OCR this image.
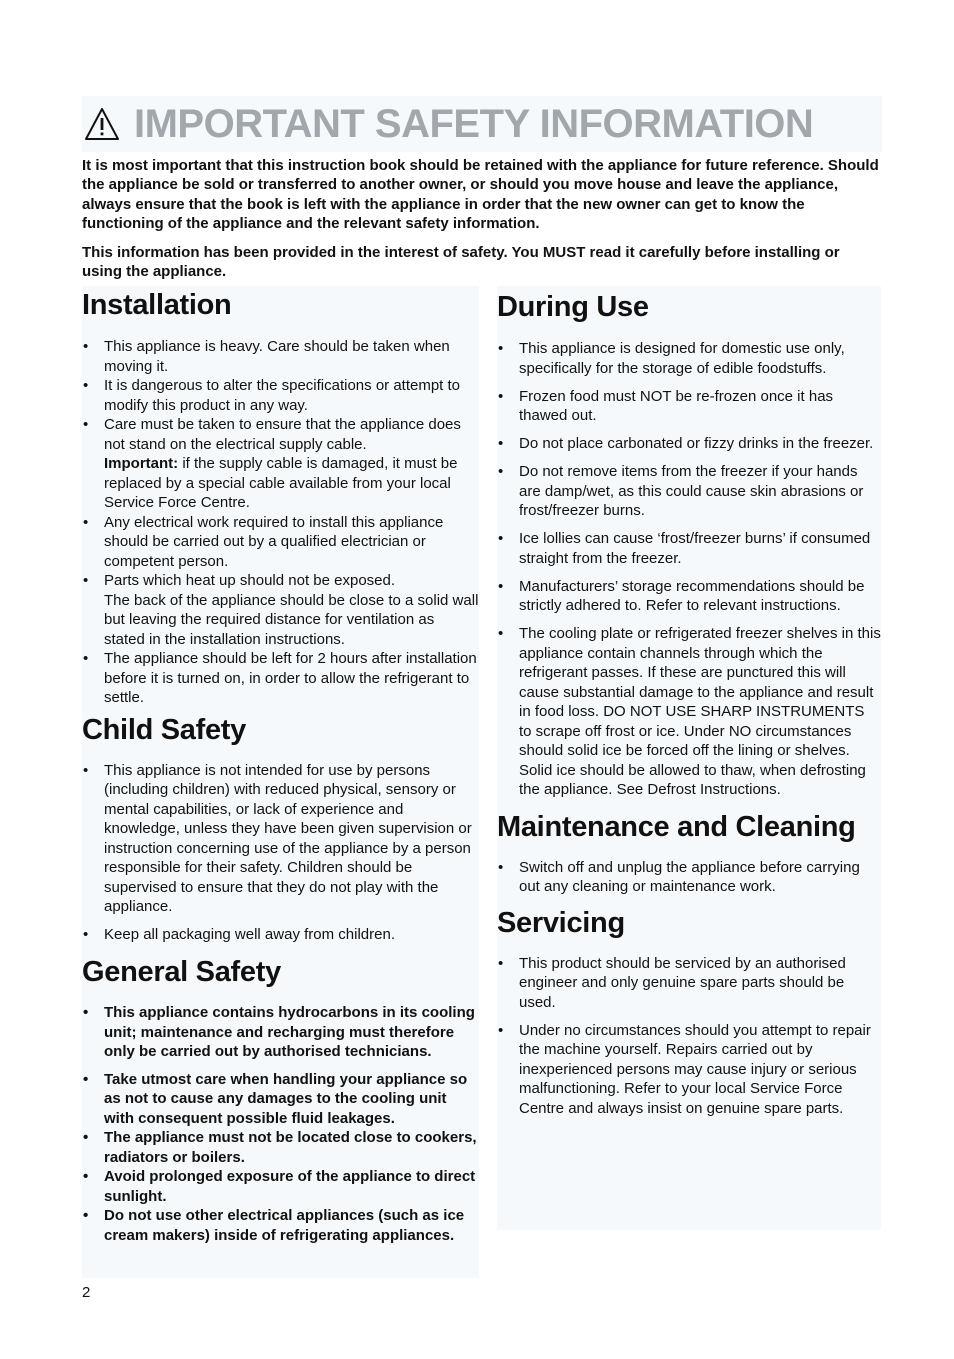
IMPORTANT SAFETY INFORMATION

It is most important that this instruction book should be retained with the appliance for future reference. Should the appliance be sold or transferred to another owner, or should you move house and leave the appliance, always ensure that the book is left with the appliance in order that the new owner can get to know the functioning of the appliance and the relevant safety information.

This information has been provided in the interest of safety. You MUST read it carefully before installing or using the appliance.

Installation
• This appliance is heavy. Care should be taken when moving it.
• It is dangerous to alter the specifications or attempt to modify this product in any way.
• Care must be taken to ensure that the appliance does not stand on the electrical supply cable.
Important: if the supply cable is damaged, it must be replaced by a special cable available from your local Service Force Centre.
• Any electrical work required to install this appliance should be carried out by a qualified electrician or competent person.
• Parts which heat up should not be exposed.
The back of the appliance should be close to a solid wall but leaving the required distance for ventilation as stated in the installation instructions.
• The appliance should be left for 2 hours after installation before it is turned on, in order to allow the refrigerant to settle.
Child Safety
• This appliance is not intended for use by persons (including children) with reduced physical, sensory or mental capabilities, or lack of experience and knowledge, unless they have been given supervision or instruction concerning use of the appliance by a person responsible for their safety. Children should be supervised to ensure that they do not play with the appliance.
• Keep all packaging well away from children.
General Safety
• This appliance contains hydrocarbons in its cooling unit; maintenance and recharging must therefore only be carried out by authorised technicians.
• Take utmost care when handling your appliance so as not to cause any damages to the cooling unit with consequent possible fluid leakages.
• The appliance must not be located close to cookers, radiators or boilers.
• Avoid prolonged exposure of the appliance to direct sunlight.
• Do not use other electrical appliances (such as ice cream makers) inside of refrigerating appliances.
During Use
• This appliance is designed for domestic use only, specifically for the storage of edible foodstuffs.
• Frozen food must NOT be re-frozen once it has thawed out.
• Do not place carbonated or fizzy drinks in the freezer.
• Do not remove items from the freezer if your hands are damp/wet, as this could cause skin abrasions or frost/freezer burns.
• Ice lollies can cause ‘frost/freezer burns’ if consumed straight from the freezer.
• Manufacturers’ storage recommendations should be strictly adhered to. Refer to relevant instructions.
• The cooling plate or refrigerated freezer shelves in this appliance contain channels through which the refrigerant passes. If these are punctured this will cause substantial damage to the appliance and result in food loss. DO NOT USE SHARP INSTRUMENTS to scrape off frost or ice. Under NO circumstances should solid ice be forced off the lining or shelves. Solid ice should be allowed to thaw, when defrosting the appliance. See Defrost Instructions.
Maintenance and Cleaning
• Switch off and unplug the appliance before carrying out any cleaning or maintenance work.
Servicing
• This product should be serviced by an authorised engineer and only genuine spare parts should be used.
• Under no circumstances should you attempt to repair the machine yourself. Repairs carried out by inexperienced persons may cause injury or serious malfunctioning. Refer to your local Service Force Centre and always insist on genuine spare parts.
2
